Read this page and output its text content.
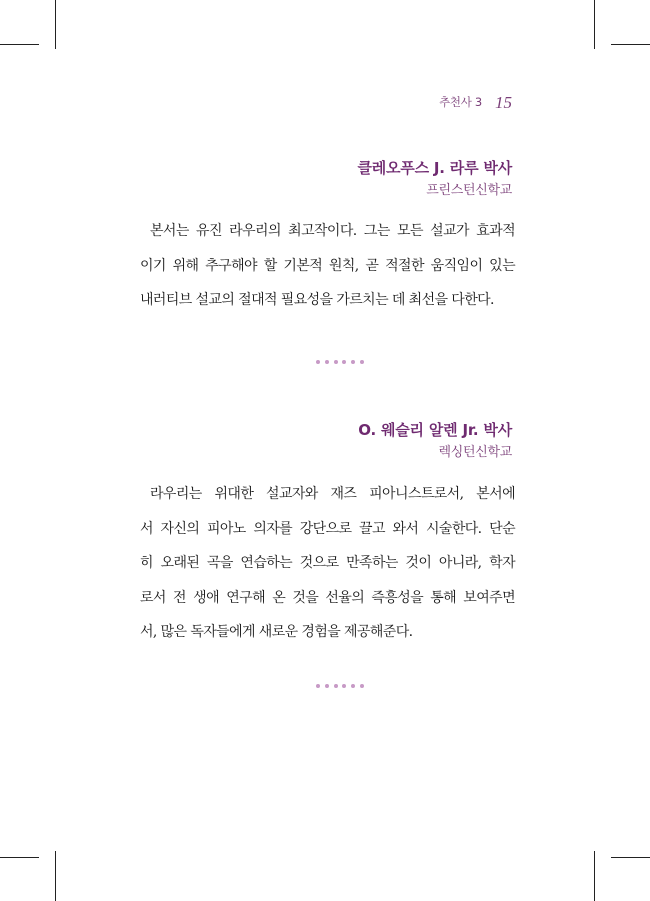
추천사 3 15
클레오푸스 J. 라루 박사
프린스턴신학교
본서는 유진 라우리의 최고작이다. 그는 모든 설교가 효과적
이기 위해 추구해야 할 기본적 원칙, 곧 적절한 움직임이 있는
내러티브 설교의 절대적 필요성을 가르치는 데 최선을 다한다.
O. 웨슬리 알렌 Jr. 박사
렉싱턴신학교
라우리는 위대한 설교자와 재즈 피아니스트로서, 본서에
서 자신의 피아노 의자를 강단으로 끌고 와서 시술한다. 단순
히 오래된 곡을 연습하는 것으로 만족하는 것이 아니라, 학자
로서 전 생애 연구해 온 것을 선율의 즉흥성을 통해 보여주면
서, 많은 독자들에게 새로운 경험을 제공해준다.
